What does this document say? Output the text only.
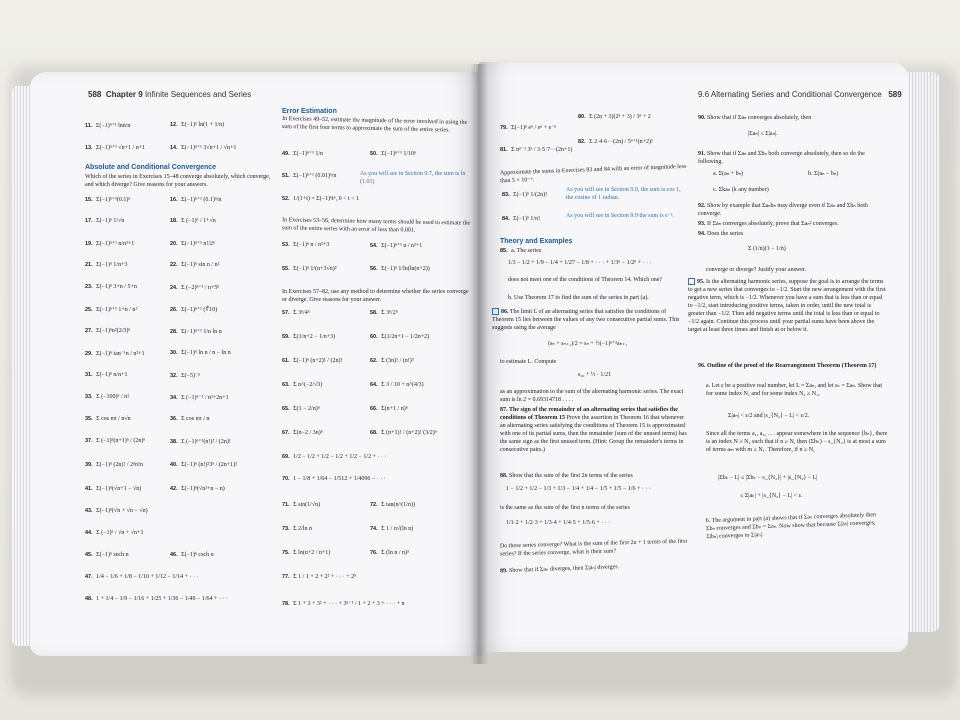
588 Chapter 9 Infinite Sequences and Series
11. Σ(−1)ⁿ⁺¹ lnn/n	12. Σ(−1)ⁿ ln(1 + 1/n)
13. Σ(−1)ⁿ⁺¹ √n+1 / n+1	14. Σ(−1)ⁿ⁺¹ 3√n+1 / √n+1
Absolute and Conditional Convergence
Which of the series in Exercises 15–48 converge absolutely, which converge, and which diverge? Give reasons for your answers.
15. Σ(−1)ⁿ⁺¹(0.1)ⁿ	16. Σ(−1)ⁿ⁺¹ (0.1)ⁿ/n
17. Σ(−1)ⁿ 1/√n	18. Σ (−1)ⁿ / 1+√n
19. Σ(−1)ⁿ⁺¹ n/n³+1	20. Σ(−1)ⁿ⁺¹ n!/2ⁿ
21. Σ(−1)ⁿ 1/n+3	22. Σ(−1)ⁿ sin n / n²
23. Σ(−1)ⁿ 3+n / 5+n	24. Σ (−2)ⁿ⁺¹ / n+5ⁿ
25. Σ(−1)ⁿ⁺¹ 1+n / n²	26. Σ(−1)ⁿ⁺¹ (∜10)
27. Σ(−1)ⁿn²(2/3)ⁿ	28. Σ(−1)ⁿ⁺¹ 1/n ln n
29. Σ(−1)ⁿ tan⁻¹n / n²+1	30. Σ(−1)ⁿ ln n / n − ln n
31. Σ(−1)ⁿ n/n+1	32. Σ(−5)⁻ⁿ
33. Σ (−100)ⁿ / n!	34. Σ (−1)ⁿ⁻¹ / n²+2n+1
35. Σ cos nπ / n√n	36. Σ cos nπ / n
37. Σ (−1)ⁿ(n+1)ⁿ / (2n)ⁿ	38. Σ (−1)ⁿ⁺¹(n!)² / (2n)!
39. Σ(−1)ⁿ (2n)! / 2ⁿn!n	40. Σ(−1)ⁿ (n!)²3ⁿ / (2n+1)!
41. Σ(−1)ⁿ(√n+1 − √n)	42. Σ(−1)ⁿ(√n²+n − n)
43. Σ(−1)ⁿ(√n + √n − √n)
44. Σ (−1)ⁿ / √n + √n+1
45. Σ(−1)ⁿ sech n	46. Σ(−1)ⁿ csch n
47. 1/4 − 1/6 + 1/8 − 1/10 + 1/12 − 1/14 + · · ·
48. 1 + 1/4 − 1/9 − 1/16 + 1/25 + 1/36 − 1/49 − 1/64 + · · ·
Error Estimation
In Exercises 49–52, estimate the magnitude of the error involved in using the sum of the first four terms to approximate the sum of the entire series.
49. Σ(−1)ⁿ⁺¹ 1/n	50. Σ(−1)ⁿ⁺¹ 1/10ⁿ
51. Σ(−1)ⁿ⁺¹ (0.01)ⁿ/n	As you will see in Section 9.7, the sum is ln (1.01)
52. 1/(1+t) = Σ(−1)ⁿtⁿ, 0 < t < 1
In Exercises 53–56, determine how many terms should be used to estimate the sum of the entire series with an error of less than 0.001.
53. Σ(−1)ⁿ n / n²+3	54. Σ(−1)ⁿ⁺¹ n / n²+1
55. Σ(−1)ⁿ 1/(n+3√n)³	56. Σ(−1)ⁿ 1/ln(ln(n+2))
In Exercises 57–82, use any method to determine whether the series converge or diverge. Give reasons for your answer.
57. Σ 3ⁿ/4ⁿ	58. Σ 3ⁿ/2ⁿ
59. Σ(1/n+2 − 1/n+3)	60. Σ(1/2n+1 − 1/2n+2)
61. Σ(−1)ⁿ (n+2)! / (2n)!	62. Σ (3n)! / (n!)³
63. Σ n^(−2/√3)	64. Σ 3 / 10 + n^(4/3)
65. Σ(1 − 2/n)ⁿ	66. Σ(n+1 / n)ⁿ
67. Σ(n−2 / 3n)ⁿ	68. Σ (n+1)! / (n+2)! (3/2)ⁿ
69. 1/2 − 1/2 + 1/2 − 1/2 + 1/2 − 1/2 + · · ·
70. 1 − 1/8 + 1/64 − 1/512 + 1/4096 − · · ·
71. Σ sin(1/√n)	72. Σ tan(n^(1/n))
73. Σ 2/ln n	74. Σ 1 / n√(ln n)
75. Σ ln(n+2 / n+1)	76. Σ (ln n / n)³
77. Σ 1 / 1 + 2 + 2² + · · · + 2ⁿ
78. Σ 1 + 3 + 3² + · · · + 3ⁿ⁻¹ / 1 + 2 + 3 + · · · + n
9.6 Alternating Series and Conditional Convergence 589
79. Σ(−1)ⁿ eⁿ / eⁿ + e⁻ⁿ
80. Σ (2n + 3)(2ⁿ + 3) / 3ⁿ + 2
81. Σ nⁿ⁻¹ 3ⁿ / 3·5·7···(2n+1)
82. Σ 2·4·6···(2n) / 5ⁿ⁺¹(n+2)!
Approximate the sums in Exercises 83 and 84 with an error of magnitude less than 5 × 10⁻⁶.
83. Σ(−1)ⁿ 1/(2n)!
As you will see in Section 9.9, the sum is cos 1, the cosine of 1 radian.
84. Σ(−1)ⁿ 1/n!	As you will see in Section 9.9 the sum is e⁻¹.
Theory and Examples
85. a. The series
1/3 − 1/2 + 1/9 − 1/4 + 1/27 − 1/8 + · · · + 1/3ⁿ − 1/2ⁿ + · · ·
does not meet one of the conditions of Theorem 14. Which one?
b. Use Theorem 17 to find the sum of the series in part (a).
86. The limit L of an alternating series that satisfies the conditions of Theorem 15 lies between the values of any two consecutive partial sums. This suggests using the average
(sₙ + sₙ₊₁)/2 = sₙ + ½(−1)ⁿ⁺²aₙ₊₁
to estimate L. Compute
s₂₀ + ½ · 1/21
as an approximation to the sum of the alternating harmonic series. The exact sum is ln 2 = 0.69314718 . . . .
87. The sign of the remainder of an alternating series that satisfies the conditions of Theorem 15 Prove the assertion in Theorem 16 that whenever an alternating series satisfying the conditions of Theorem 15 is approximated with one of its partial sums, then the remainder (sum of the unused terms) has the same sign as the first unused term. (Hint: Group the remainder's terms in consecutive pairs.)
88. Show that the sum of the first 2n terms of the series
1 − 1/2 + 1/2 − 1/3 + 1/3 − 1/4 + 1/4 − 1/5 + 1/5 − 1/6 + · · ·
is the same as the sum of the first n terms of the series
1/1·2 + 1/2·3 + 1/3·4 + 1/4·5 + 1/5·6 + · · ·
Do these series converge? What is the sum of the first 2n + 1 terms of the first series? If the series converge, what is their sum?
89. Show that if Σaₙ diverges, then Σ|aₙ| diverges.
90. Show that if Σaₙ converges absolutely, then
|Σaₙ| ≤ Σ|aₙ|.
91. Show that if Σaₙ and Σbₙ both converge absolutely, then so do the following.
a. Σ(aₙ + bₙ)	b. Σ(aₙ − bₙ)
c. Σkaₙ (k any number)
92. Show by example that Σaₙbₙ may diverge even if Σaₙ and Σbₙ both converge.
93. If Σaₙ converges absolutely, prove that Σaₙ² converges.
94. Does the series
Σ (1/n)(1 − 1/n)
converge or diverge? Justify your answer.
95. Is the alternating harmonic series, suppose the goal is to arrange the terms to get a new series that converges to −1/2. Start the new arrangement with the first negative term, which is −1/2. Whenever you have a sum that is less than or equal to −1/2, start introducing positive terms, taken in order, until the new total is greater than −1/2. Then add negative terms until the total is less than or equal to −1/2 again. Continue this process until your partial sums have been above the target at least three times and finish at or below it.
96. Outline of the proof of the Rearrangement Theorem (Theorem 17)
a. Let ε be a positive real number, let L = Σaₙ, and let sₖ = Σaₙ. Show that for some index N₁ and for some index N₂ ≥ N₁,
Σ|aₙ| < ε/2 and |s_{N₂} − L| < ε/2.
Since all the terms a₁, a₂, . . . appear somewhere in the sequence {bₙ}, there is an index N ≥ N₂ such that if n ≥ N, then (Σbₖ) − s_{N₂} is at most a sum of terms aₘ with m ≥ N₁. Therefore, if n ≥ N,
|Σbₖ − L| ≤ |Σbₖ − s_{N₂}| + |s_{N₂} − L|
≤ Σ|aₖ| + |s_{N₂} − L| < ε.
b. The argument in part (a) shows that if Σaₙ converges absolutely then Σbₙ converges and Σbₙ = Σaₙ. Now show that because Σ|aₙ| converges, Σ|bₙ| converges to Σ|aₙ|.
